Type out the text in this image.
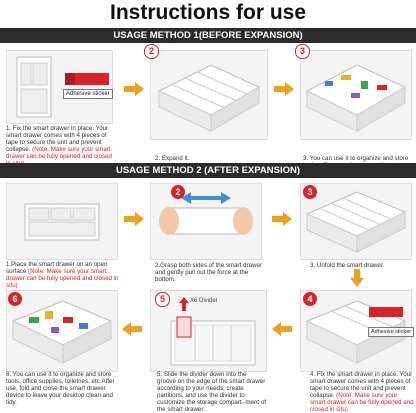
Instructions for use
USAGE METHOD 1(BEFORE EXPANSION)
Adhesive sticker
1. Fix the smart drawer in place. Your smart drawer comes with 4 pieces of tape to secure the unit and prevent collapse. (Note: Make sure your smart drawer can be fully opened and closed
2
2. Expand it.
3
3. You can use it to organize and store
USAGE METHOD 2 (AFTER EXPANSION)
1.Place the smart drawer on an open surface (Note: Make sure your smart drawer can be fully opened and closed in situ)
2
2.Grasp both sides of the smart drawer and gently pull out the force at the bottom.
3
3. Unfold the smart drawer.
6
6. You can use it to organize and store tools, office supplies, toiletries, etc.After use, fold and close the smart drawer device to leave your desktop clean and tidy.
5	X6 Divider
5. Slide the divider down into the groove on the edge of the smart drawer according to your needs, create partitions, and use the divider to customize the storage compart- ment of the smart drawer.
4
Adhesive sticker
4. Fix the smart drawer in place. Your smart drawer comes with 4 pieces of tape to secure the unit and prevent collapse. (Note: Make sure your smart drawer can be fully opened and closed in situ)
